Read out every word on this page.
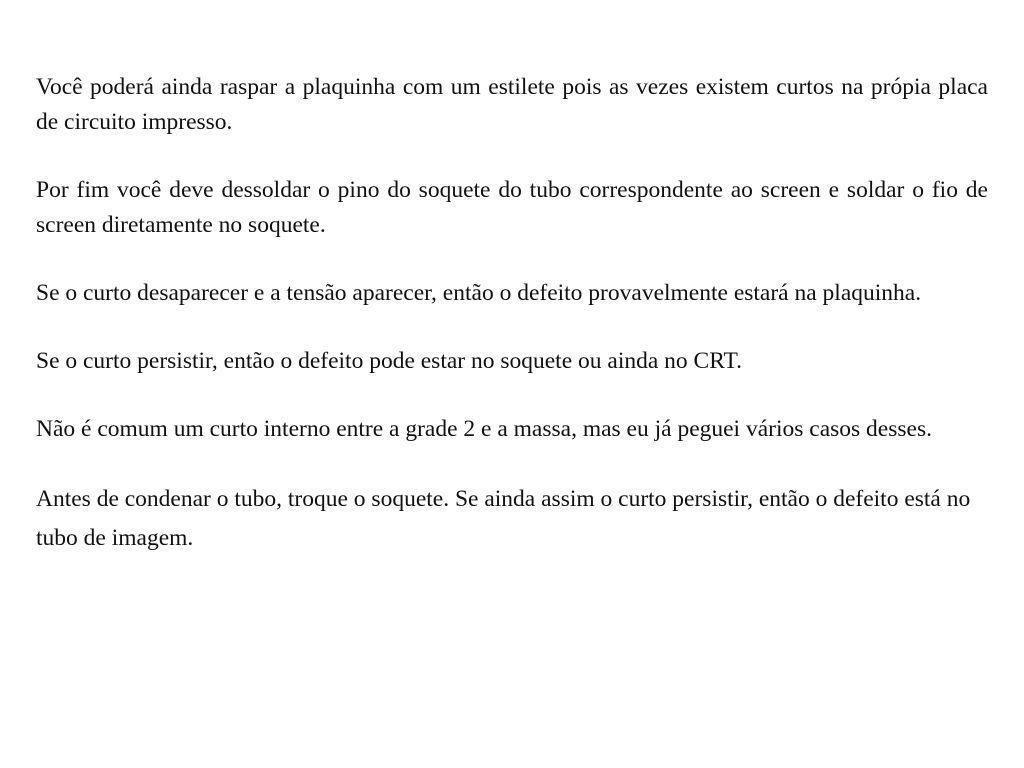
Você poderá ainda raspar a plaquinha com um estilete pois as vezes existem curtos na própia placa de circuito impresso.

Por fim você deve dessoldar o pino do soquete do tubo correspondente ao screen e soldar o fio de screen diretamente no soquete.

Se o curto desaparecer e a tensão aparecer, então o defeito provavelmente estará na plaquinha.

Se o curto persistir, então o defeito pode estar no soquete ou ainda no CRT.

Não é comum um curto interno entre a grade 2 e a massa, mas eu já peguei vários casos desses.

Antes de condenar o tubo, troque o soquete. Se ainda assim o curto persistir, então o defeito está no tubo de imagem.
